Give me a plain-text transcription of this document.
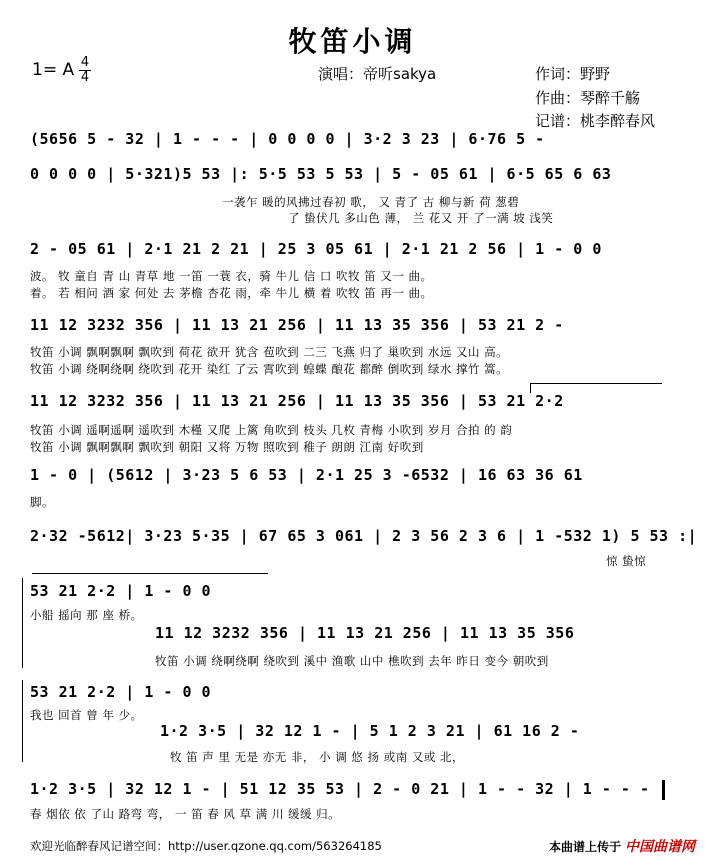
牧笛小调
1= A 4
4	演唱：帝听sakya	作词：野野
作曲：琴醉千觞
记谱：桃李醉春风
(5656 5 - 32 | 1 - - - | 0 0 0 0 | 3·2 3 23 | 6·76 5 -
0 0 0 0 | 5·321)5 53 |: 5·5 53 5 53 | 5 - 05 61 | 6·5 65 6 63
一袭乍 暖的风拂过春初 歌， 又 青了 古 柳与新 荷 葱碧
了 蛰伏几 多山色 薄， 兰 花又 开 了一满 坡 浅笑
2 - 05 61 | 2·1 21 2 21 | 25 3 05 61 | 2·1 21 2 56 | 1 - 0 0
波。 牧 童自 青 山 青草 地 一笛 一蓑 衣，骑 牛儿 信 口 吹牧 笛 又一 曲。
着。 若 相问 酒 家 何处 去 茅檐 杏花 雨，牵 牛儿 横 着 吹牧 笛 再一 曲。
11 12 3232 356 | 11 13 21 256 | 11 13 35 356 | 53 21 2 -
牧笛 小调 飘啊飘啊 飘吹到 荷花 欲开 犹含 苞吹到 二三 飞燕 归了 巢吹到 水远 又山 高。
牧笛 小调 绕啊绕啊 绕吹到 花开 染红 了云 霄吹到 蝗蝶 酿花 都醉 倒吹到 绿水 撑竹 篙。
11 12 3232 356 | 11 13 21 256 | 11 13 35 356 | 53 21 2·2
牧笛 小调 遥啊遥啊 遥吹到 木槿 又爬 上篱 角吹到 枝头 几枚 青梅 小吹到 岁月 合拍 的 韵
牧笛 小调 飘啊飘啊 飘吹到 朝阳 又将 万物 照吹到 稚子 朗朗 江南 好吹到
1 - 0 | (5612 | 3·23 5 6 53 | 2·1 25 3 -6532 | 16 63 36 61
脚。
2·32 -5612| 3·23 5·35 | 67 65 3 061 | 2 3 56 2 3 6 | 1 -532 1) 5 53 :|
惊 蛰惊
53 21 2·2 | 1 - 0 0
小船 摇向 那 座 桥。
11 12 3232 356 | 11 13 21 256 | 11 13 35 356
牧笛 小调 绕啊绕啊 绕吹到 溪中 渔歌 山中 樵吹到 去年 昨日 变今 朝吹到
53 21 2·2 | 1 - 0 0
我也 回首 曾 年 少。
1·2 3·5 | 32 12 1 - | 5 1 2 3 21 | 61 16 2 -
牧 笛 声 里 无是 亦无 非， 小 调 悠 扬 或南 又或 北，
1·2 3·5 | 32 12 1 - | 51 12 35 53 | 2 - 0 21 | 1 - - 32 | 1 - - -
春 烟依 依 了山 路弯 弯， 一 笛 春 风 草 满 川 缓缓 归。
欢迎光临醉春风记谱空间：http://user.qzone.qq.com/563264185	本曲谱上传于 中国曲谱网
